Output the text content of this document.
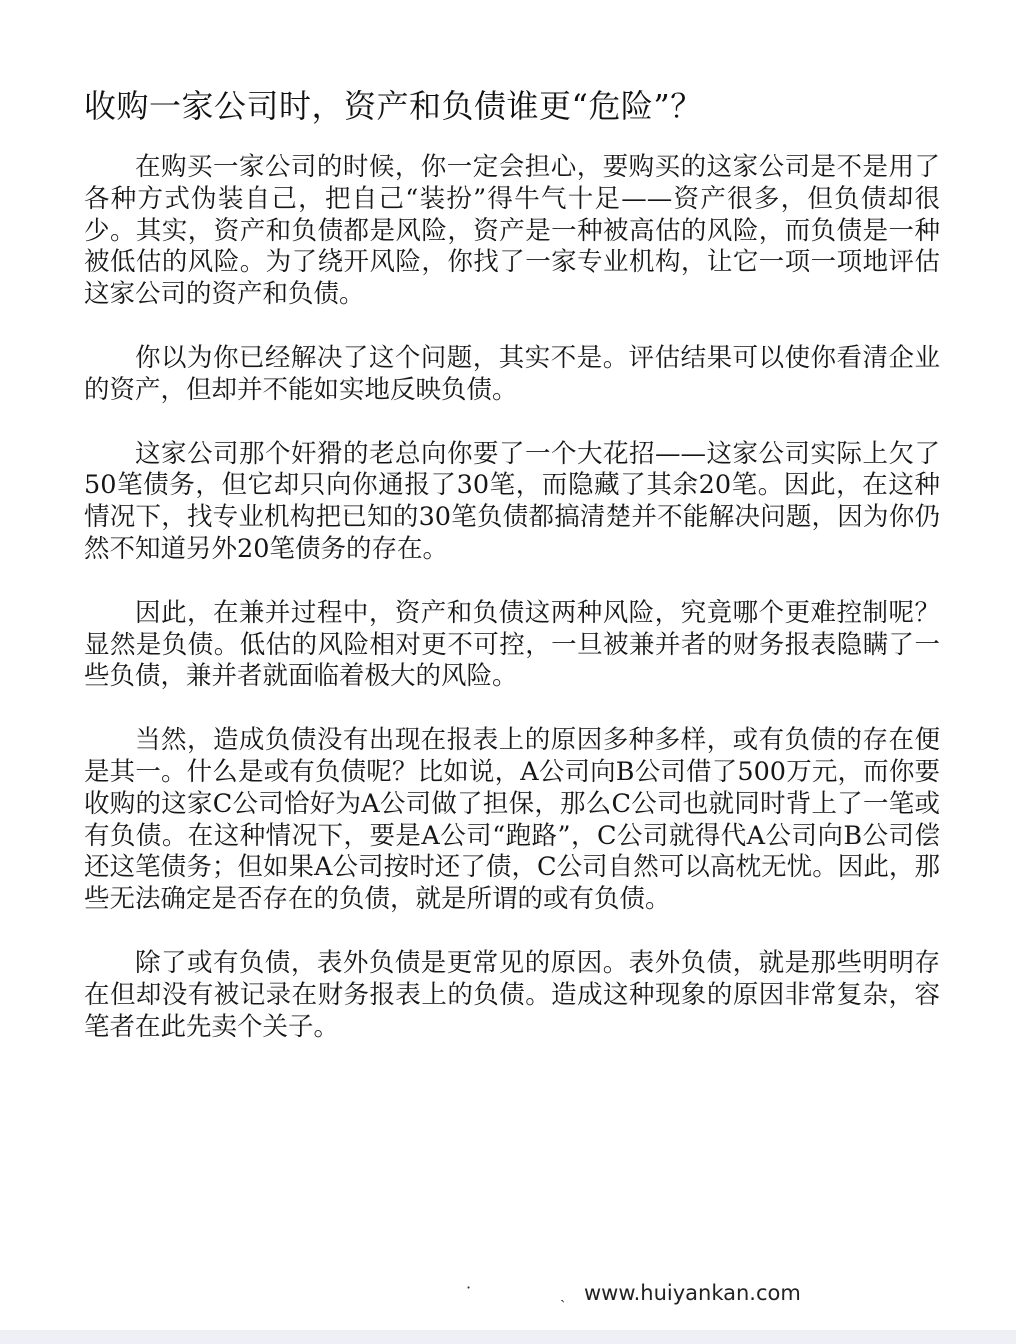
收购一家公司时，资产和负债谁更“危险”？

在购买一家公司的时候，你一定会担心，要购买的这家公司是不是用了各种方式伪装自己，把自己“装扮”得牛气十足——资产很多，但负债却很少。其实，资产和负债都是风险，资产是一种被高估的风险，而负债是一种被低估的风险。为了绕开风险，你找了一家专业机构，让它一项一项地评估这家公司的资产和负债。

你以为你已经解决了这个问题，其实不是。评估结果可以使你看清企业的资产，但却并不能如实地反映负债。

这家公司那个奸猾的老总向你要了一个大花招——这家公司实际上欠了50笔债务，但它却只向你通报了30笔，而隐藏了其余20笔。因此，在这种情况下，找专业机构把已知的30笔负债都搞清楚并不能解决问题，因为你仍然不知道另外20笔债务的存在。

因此，在兼并过程中，资产和负债这两种风险，究竟哪个更难控制呢？显然是负债。低估的风险相对更不可控，一旦被兼并者的财务报表隐瞒了一些负债，兼并者就面临着极大的风险。

当然，造成负债没有出现在报表上的原因多种多样，或有负债的存在便是其一。什么是或有负债呢？比如说，A公司向B公司借了500万元，而你要收购的这家C公司恰好为A公司做了担保，那么C公司也就同时背上了一笔或有负债。在这种情况下，要是A公司“跑路”，C公司就得代A公司向B公司偿还这笔债务；但如果A公司按时还了债，C公司自然可以高枕无忧。因此，那些无法确定是否存在的负债，就是所谓的或有负债。

除了或有负债，表外负债是更常见的原因。表外负债，就是那些明明存在但却没有被记录在财务报表上的负债。造成这种现象的原因非常复杂，容笔者在此先卖个关子。

·	ˎ www.huiyankan.com
